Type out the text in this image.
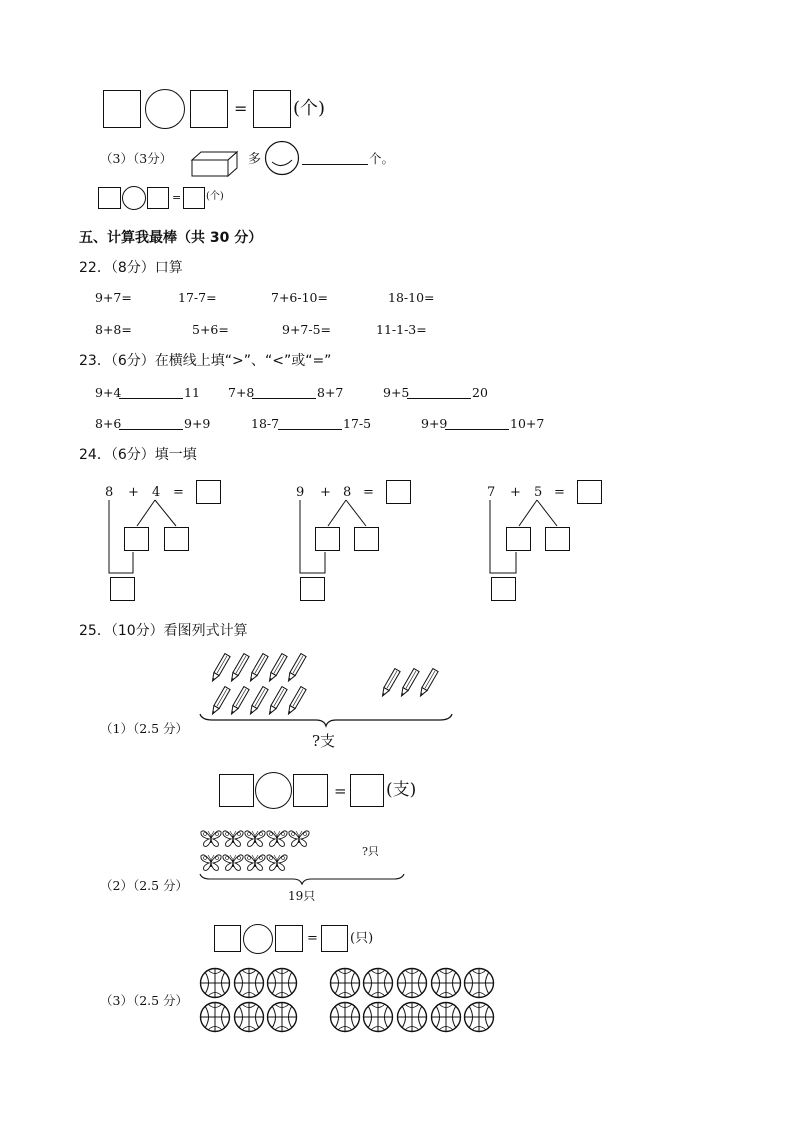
=	(个)
（3）（3分）	多	个。
= (个)
五、计算我最棒（共 30 分）
22．（8分）口算
9+7=	17-7=	7+6-10=	18-10=
8+8=	5+6=	9+7-5=	11-1-3=
23．（6分）在横线上填“>”、“<”或“=”
9+4	11 7+8	8+7	9+5	20
8+6	9+9	18-7	17-5	9+9	10+7
24．（6分）填一填
8 + 4 =	9 + 8 =	7 + 5 =
25．（10分）看图列式计算
（1）（2.5 分）
?支
= (支)
（2）（2.5 分）
?只
19只
= (只)
（3）（2.5 分）
